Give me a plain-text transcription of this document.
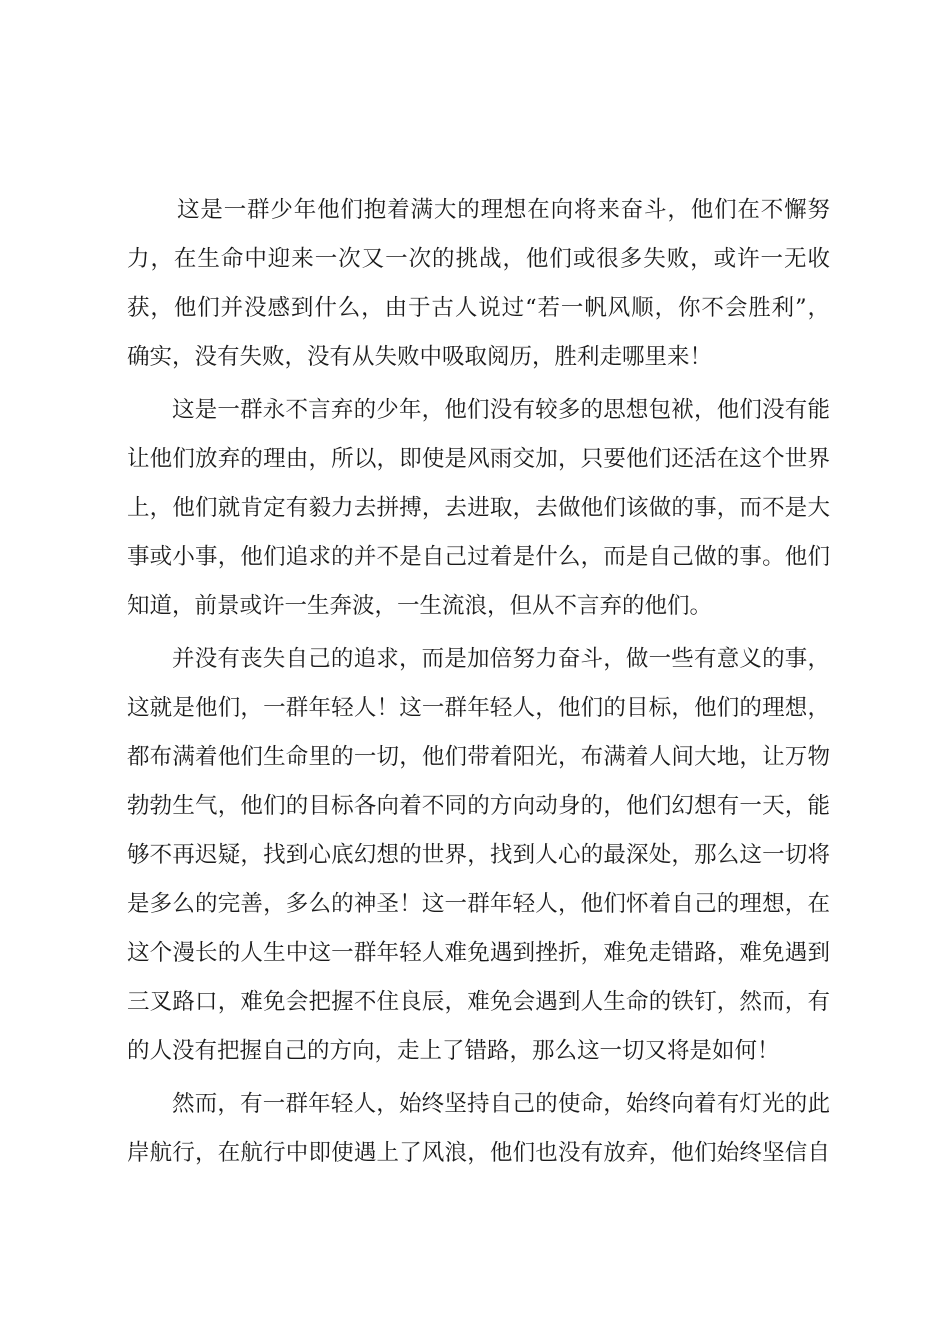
这是一群少年他们抱着满大的理想在向将来奋斗，他们在不懈努
力，在生命中迎来一次又一次的挑战，他们或很多失败，或许一无收
获，他们并没感到什么，由于古人说过“若一帆风顺，你不会胜利”，
确实，没有失败，没有从失败中吸取阅历，胜利走哪里来！
这是一群永不言弃的少年，他们没有较多的思想包袱，他们没有能
让他们放弃的理由，所以，即使是风雨交加，只要他们还活在这个世界
上，他们就肯定有毅力去拼搏，去进取，去做他们该做的事，而不是大
事或小事，他们追求的并不是自己过着是什么，而是自己做的事。他们
知道，前景或许一生奔波，一生流浪，但从不言弃的他们。
并没有丧失自己的追求，而是加倍努力奋斗，做一些有意义的事，
这就是他们，一群年轻人！这一群年轻人，他们的目标，他们的理想，
都布满着他们生命里的一切，他们带着阳光，布满着人间大地，让万物
勃勃生气，他们的目标各向着不同的方向动身的，他们幻想有一天，能
够不再迟疑，找到心底幻想的世界，找到人心的最深处，那么这一切将
是多么的完善，多么的神圣！这一群年轻人，他们怀着自己的理想，在
这个漫长的人生中这一群年轻人难免遇到挫折，难免走错路，难免遇到
三叉路口，难免会把握不住良辰，难免会遇到人生命的铁钉，然而，有
的人没有把握自己的方向，走上了错路，那么这一切又将是如何！
然而，有一群年轻人，始终坚持自己的使命，始终向着有灯光的此
岸航行，在航行中即使遇上了风浪，他们也没有放弃，他们始终坚信自
